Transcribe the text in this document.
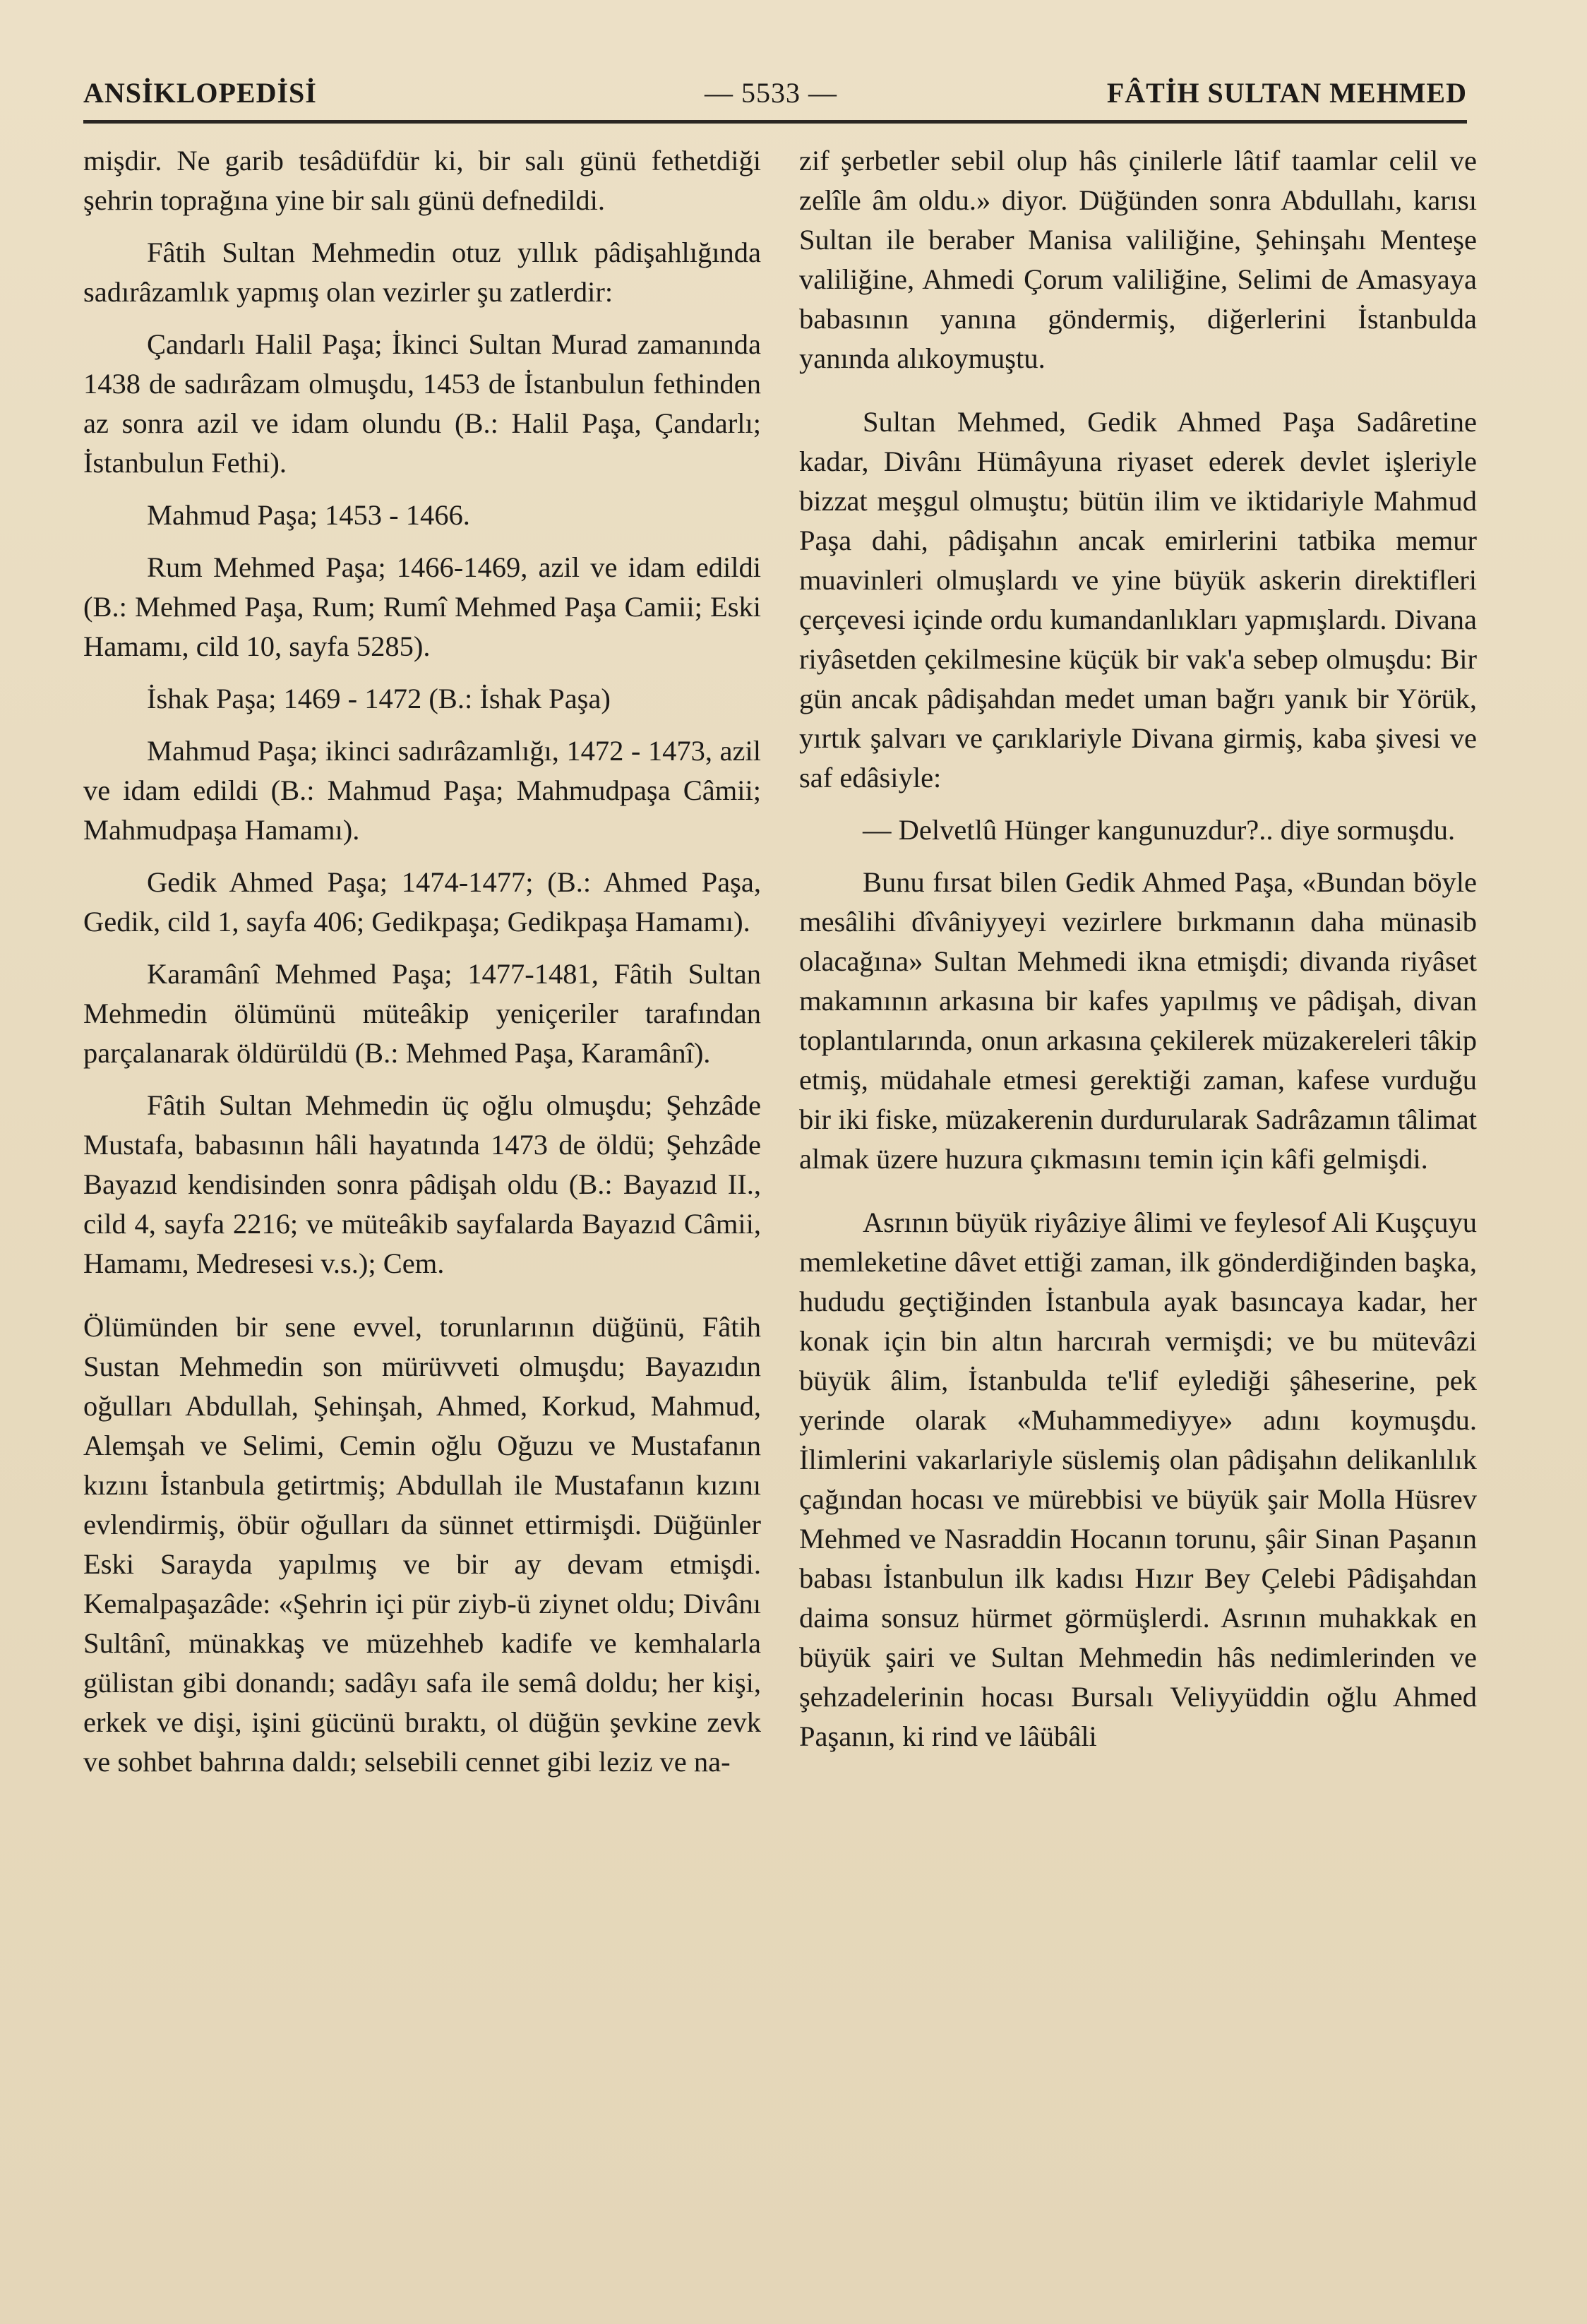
ANSİKLOPEDİSİ	— 5533 —	FÂTİH SULTAN MEHMED

mişdir. Ne garib tesâdüfdür ki, bir salı günü fethetdiği şehrin toprağına yine bir salı günü defnedildi.

Fâtih Sultan Mehmedin otuz yıllık pâdişahlığında sadırâzamlık yapmış olan vezirler şu zatlerdir:

Çandarlı Halil Paşa; İkinci Sultan Murad zamanında 1438 de sadırâzam olmuşdu, 1453 de İstanbulun fethinden az sonra azil ve idam olundu (B.: Halil Paşa, Çandarlı; İstanbulun Fethi).

Mahmud Paşa; 1453 - 1466.

Rum Mehmed Paşa; 1466-1469, azil ve idam edildi (B.: Mehmed Paşa, Rum; Rumî Mehmed Paşa Camii; Eski Hamamı, cild 10, sayfa 5285).

İshak Paşa; 1469 - 1472 (B.: İshak Paşa)

Mahmud Paşa; ikinci sadırâzamlığı, 1472 - 1473, azil ve idam edildi (B.: Mahmud Paşa; Mahmudpaşa Câmii; Mahmudpaşa Hamamı).

Gedik Ahmed Paşa; 1474-1477; (B.: Ahmed Paşa, Gedik, cild 1, sayfa 406; Gedikpaşa; Gedikpaşa Hamamı).

Karamânî Mehmed Paşa; 1477-1481, Fâtih Sultan Mehmedin ölümünü müteâkip yeniçeriler tarafından parçalanarak öldürüldü (B.: Mehmed Paşa, Karamânî).

Fâtih Sultan Mehmedin üç oğlu olmuşdu; Şehzâde Mustafa, babasının hâli hayatında 1473 de öldü; Şehzâde Bayazıd kendisinden sonra pâdişah oldu (B.: Bayazıd II., cild 4, sayfa 2216; ve müteâkib sayfalarda Bayazıd Câmii, Hamamı, Medresesi v.s.); Cem.

Ölümünden bir sene evvel, torunlarının düğünü, Fâtih Sustan Mehmedin son mürüvveti olmuşdu; Bayazıdın oğulları Abdullah, Şehinşah, Ahmed, Korkud, Mahmud, Alemşah ve Selimi, Cemin oğlu Oğuzu ve Mustafanın kızını İstanbula getirtmiş; Abdullah ile Mustafanın kızını evlendirmiş, öbür oğulları da sünnet ettirmişdi. Düğünler Eski Sarayda yapılmış ve bir ay devam etmişdi. Kemalpaşazâde: «Şehrin içi pür ziyb-ü ziynet oldu; Divânı Sultânî, münakkaş ve müzehheb kadife ve kemhalarla gülistan gibi donandı; sadâyı safa ile semâ doldu; her kişi, erkek ve dişi, işini gücünü bıraktı, ol düğün şevkine zevk ve sohbet bahrına daldı; selsebili cennet gibi leziz ve na-

zif şerbetler sebil olup hâs çinilerle lâtif taamlar celil ve zelîle âm oldu.» diyor. Düğünden sonra Abdullahı, karısı Sultan ile beraber Manisa valiliğine, Şehinşahı Menteşe valiliğine, Ahmedi Çorum valiliğine, Selimi de Amasyaya babasının yanına göndermiş, diğerlerini İstanbulda yanında alıkoymuştu.

Sultan Mehmed, Gedik Ahmed Paşa Sadâretine kadar, Divânı Hümâyuna riyaset ederek devlet işleriyle bizzat meşgul olmuştu; bütün ilim ve iktidariyle Mahmud Paşa dahi, pâdişahın ancak emirlerini tatbika memur muavinleri olmuşlardı ve yine büyük askerin direktifleri çerçevesi içinde ordu kumandanlıkları yapmışlardı. Divana riyâsetden çekilmesine küçük bir vak'a sebep olmuşdu: Bir gün ancak pâdişahdan medet uman bağrı yanık bir Yörük, yırtık şalvarı ve çarıklariyle Divana girmiş, kaba şivesi ve saf edâsiyle:

— Delvetlû Hünger kangunuzdur?.. diye sormuşdu.

Bunu fırsat bilen Gedik Ahmed Paşa, «Bundan böyle mesâlihi dîvâniyyeyi vezirlere bırkmanın daha münasib olacağına» Sultan Mehmedi ikna etmişdi; divanda riyâset makamının arkasına bir kafes yapılmış ve pâdişah, divan toplantılarında, onun arkasına çekilerek müzakereleri tâkip etmiş, müdahale etmesi gerektiği zaman, kafese vurduğu bir iki fiske, müzakerenin durdurularak Sadrâzamın tâlimat almak üzere huzura çıkmasını temin için kâfi gelmişdi.

Asrının büyük riyâziye âlimi ve feylesof Ali Kuşçuyu memleketine dâvet ettiği zaman, ilk gönderdiğinden başka, hududu geçtiğinden İstanbula ayak basıncaya kadar, her konak için bin altın harcırah vermişdi; ve bu mütevâzi büyük âlim, İstanbulda te'lif eylediği şâheserine, pek yerinde olarak «Muhammediyye» adını koymuşdu. İlimlerini vakarlariyle süslemiş olan pâdişahın delikanlılık çağından hocası ve mürebbisi ve büyük şair Molla Hüsrev Mehmed ve Nasraddin Hocanın torunu, şâir Sinan Paşanın babası İstanbulun ilk kadısı Hızır Bey Çelebi Pâdişahdan daima sonsuz hürmet görmüşlerdi. Asrının muhakkak en büyük şairi ve Sultan Mehmedin hâs nedimlerinden ve şehzadelerinin hocası Bursalı Veliyyüddin oğlu Ahmed Paşanın, ki rind ve lâübâli
